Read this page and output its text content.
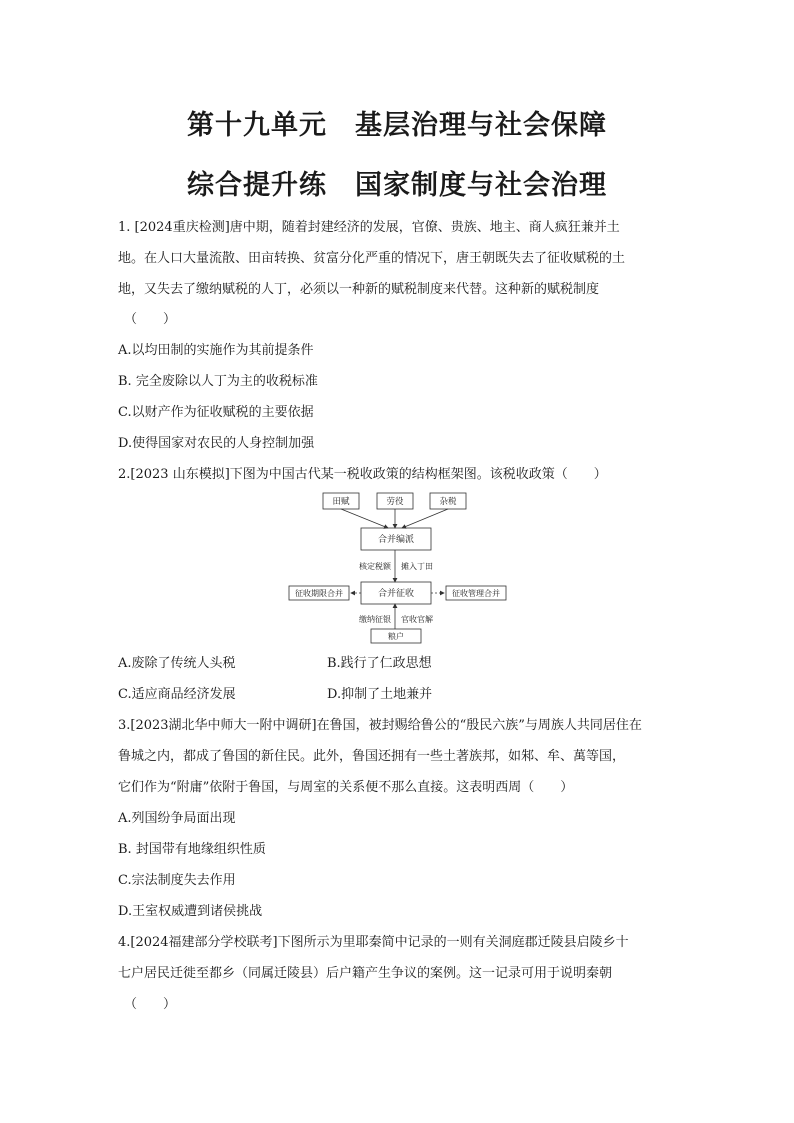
第十九单元　基层治理与社会保障
综合提升练　国家制度与社会治理
1. [2024重庆检测]唐中期，随着封建经济的发展，官僚、贵族、地主、商人疯狂兼并土
地。在人口大量流散、田亩转换、贫富分化严重的情况下，唐王朝既失去了征收赋税的土
地，又失去了缴纳赋税的人丁，必须以一种新的赋税制度来代替。这种新的赋税制度
（　　）
A.以均田制的实施作为其前提条件
B. 完全废除以人丁为主的收税标准
C.以财产作为征收赋税的主要依据
D.使得国家对农民的人身控制加强
2.[2023 山东模拟]下图为中国古代某一税收政策的结构框架图。该税收政策（　　）
田赋	劳役	杂税
合并编派
核定税额 摊入丁田
合并征收
征收期限合并	征收管理合并
缴纳征银 官收官解
粮户
A.废除了传统人头税	B.践行了仁政思想
C.适应商品经济发展	D.抑制了土地兼并
3.[2023湖北华中师大一附中调研]在鲁国，被封赐给鲁公的“殷民六族”与周族人共同居住在
鲁城之内，都成了鲁国的新住民。此外，鲁国还拥有一些土著族邦，如邾、牟、萬等国，
它们作为“附庸”依附于鲁国，与周室的关系便不那么直接。这表明西周（　　）
A.列国纷争局面出现
B. 封国带有地缘组织性质
C.宗法制度失去作用
D.王室权威遭到诸侯挑战
4.[2024福建部分学校联考]下图所示为里耶秦简中记录的一则有关洞庭郡迁陵县启陵乡十
七户居民迁徙至都乡（同属迁陵县）后户籍产生争议的案例。这一记录可用于说明秦朝
（　　）
